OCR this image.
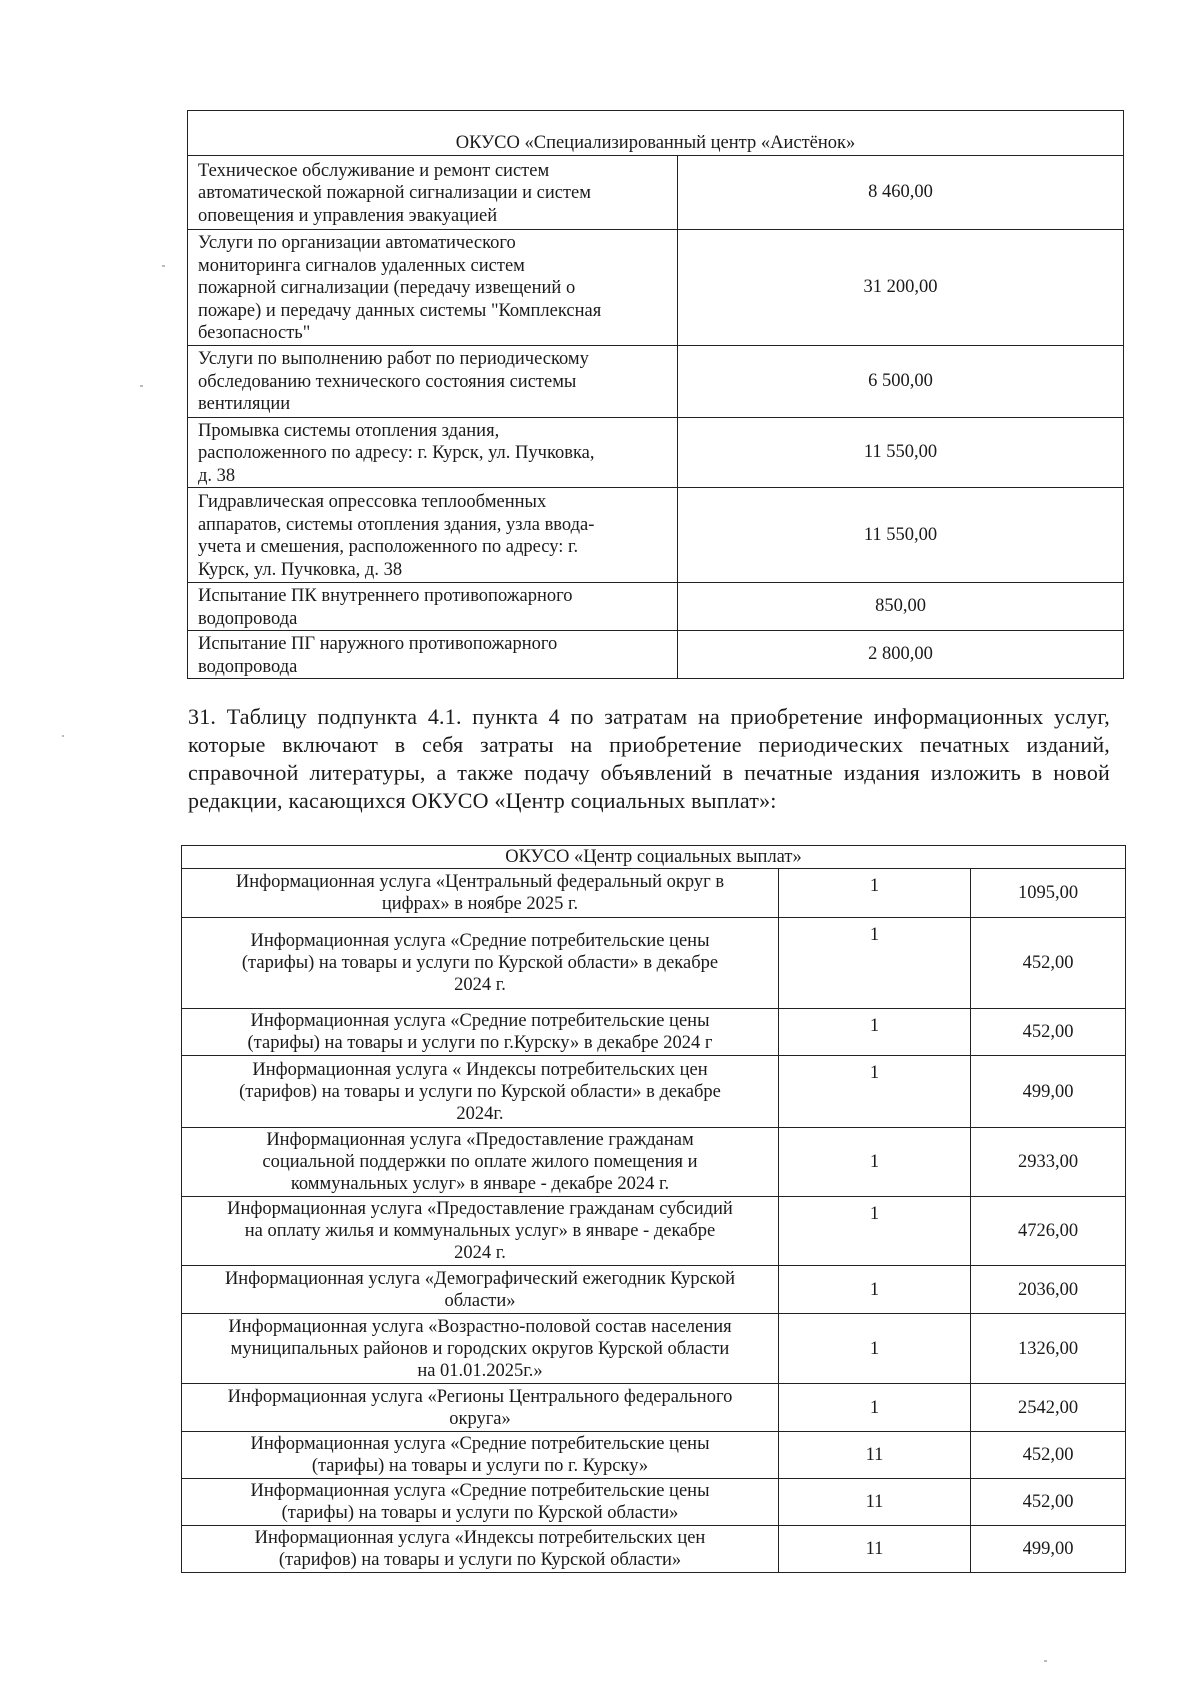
ОКУСО «Специализированный центр «Аистёнок»	

Техническое обслуживание и ремонт систем
автоматической пожарной сигнализации и систем
оповещения и управления эвакуацией	8 460,00

Услуги по организации автоматического
мониторинга сигналов удаленных систем
пожарной сигнализации (передачу извещений о
пожаре) и передачу данных системы "Комплексная
безопасность"	31 200,00

Услуги по выполнению работ по периодическому
обследованию технического состояния системы
вентиляции	6 500,00

Промывка системы отопления здания,
расположенного по адресу: г. Курск, ул. Пучковка,
д. 38	11 550,00

Гидравлическая опрессовка теплообменных
аппаратов, системы отопления здания, узла ввода-
учета и смешения, расположенного по адресу: г.
Курск, ул. Пучковка, д. 38	11 550,00

Испытание ПК внутреннего противопожарного
водопровода	850,00

Испытание ПГ наружного противопожарного
водопровода	2 800,00
31. Таблицу подпункта 4.1. пункта 4 по затратам на приобретение информационных услуг, которые включают в себя затраты на приобретение периодических печатных изданий, справочной литературы, а также подачу объявлений в печатные издания изложить в новой редакции, касающихся ОКУСО «Центр социальных выплат»:
ОКУСО «Центр социальных выплат»		

Информационная услуга «Центральный федеральный округ в
цифрах» в ноябре 2025 г.	1	1095,00

Информационная услуга «Средние потребительские цены
(тарифы) на товары и услуги по Курской области» в декабре
2024 г.	1	452,00

Информационная услуга «Средние потребительские цены
(тарифы) на товары и услуги по г.Курску» в декабре 2024 г	1	452,00

Информационная услуга « Индексы потребительских цен
(тарифов) на товары и услуги по Курской области» в декабре
2024г.	1	499,00

Информационная услуга «Предоставление гражданам
социальной поддержки по оплате жилого помещения и
коммунальных услуг» в январе - декабре 2024 г.	1	2933,00

Информационная услуга «Предоставление гражданам субсидий
на оплату жилья и коммунальных услуг» в январе - декабре
2024 г.	1	4726,00

Информационная услуга «Демографический ежегодник Курской
области»	1	2036,00

Информационная услуга «Возрастно-половой состав населения
муниципальных районов и городских округов Курской области
на 01.01.2025г.»	1	1326,00

Информационная услуга «Регионы Центрального федерального
округа»	1	2542,00

Информационная услуга «Средние потребительские цены
(тарифы) на товары и услуги по г. Курску»	11	452,00

Информационная услуга «Средние потребительские цены
(тарифы) на товары и услуги по Курской области»	11	452,00

Информационная услуга «Индексы потребительских цен
(тарифов) на товары и услуги по Курской области»	11	499,00
